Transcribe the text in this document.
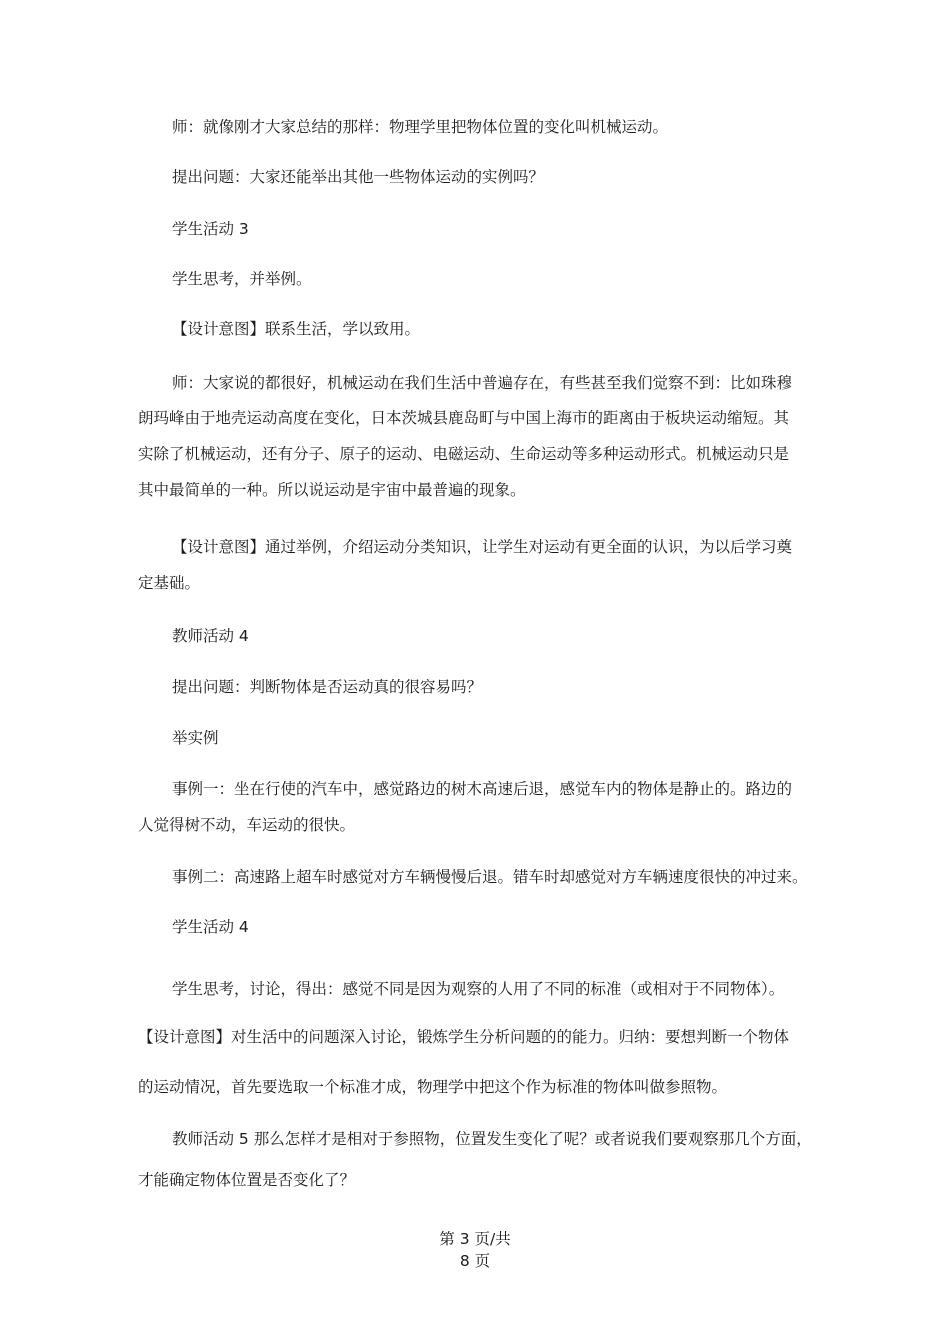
师：就像刚才大家总结的那样：物理学里把物体位置的变化叫机械运动。

提出问题：大家还能举出其他一些物体运动的实例吗？

学生活动 3

学生思考，并举例。

【设计意图】联系生活，学以致用。

师：大家说的都很好，机械运动在我们生活中普遍存在，有些甚至我们觉察不到：比如珠穆

朗玛峰由于地壳运动高度在变化，日本茨城县鹿岛町与中国上海市的距离由于板块运动缩短。其

实除了机械运动，还有分子、原子的运动、电磁运动、生命运动等多种运动形式。机械运动只是

其中最简单的一种。所以说运动是宇宙中最普遍的现象。

【设计意图】通过举例，介绍运动分类知识，让学生对运动有更全面的认识，为以后学习奠

定基础。

教师活动 4

提出问题：判断物体是否运动真的很容易吗？

举实例

事例一：坐在行使的汽车中，感觉路边的树木高速后退，感觉车内的物体是静止的。路边的

人觉得树不动，车运动的很快。

事例二：高速路上超车时感觉对方车辆慢慢后退。错车时却感觉对方车辆速度很快的冲过来。

学生活动 4

学生思考，讨论，得出：感觉不同是因为观察的人用了不同的标准（或相对于不同物体）。

【设计意图】对生活中的问题深入讨论，锻炼学生分析问题的的能力。归纳：要想判断一个物体

的运动情况，首先要选取一个标准才成，物理学中把这个作为标准的物体叫做参照物。

教师活动 5 那么怎样才是相对于参照物，位置发生变化了呢？或者说我们要观察那几个方面，

才能确定物体位置是否变化了？

第 3 页/共

8 页
